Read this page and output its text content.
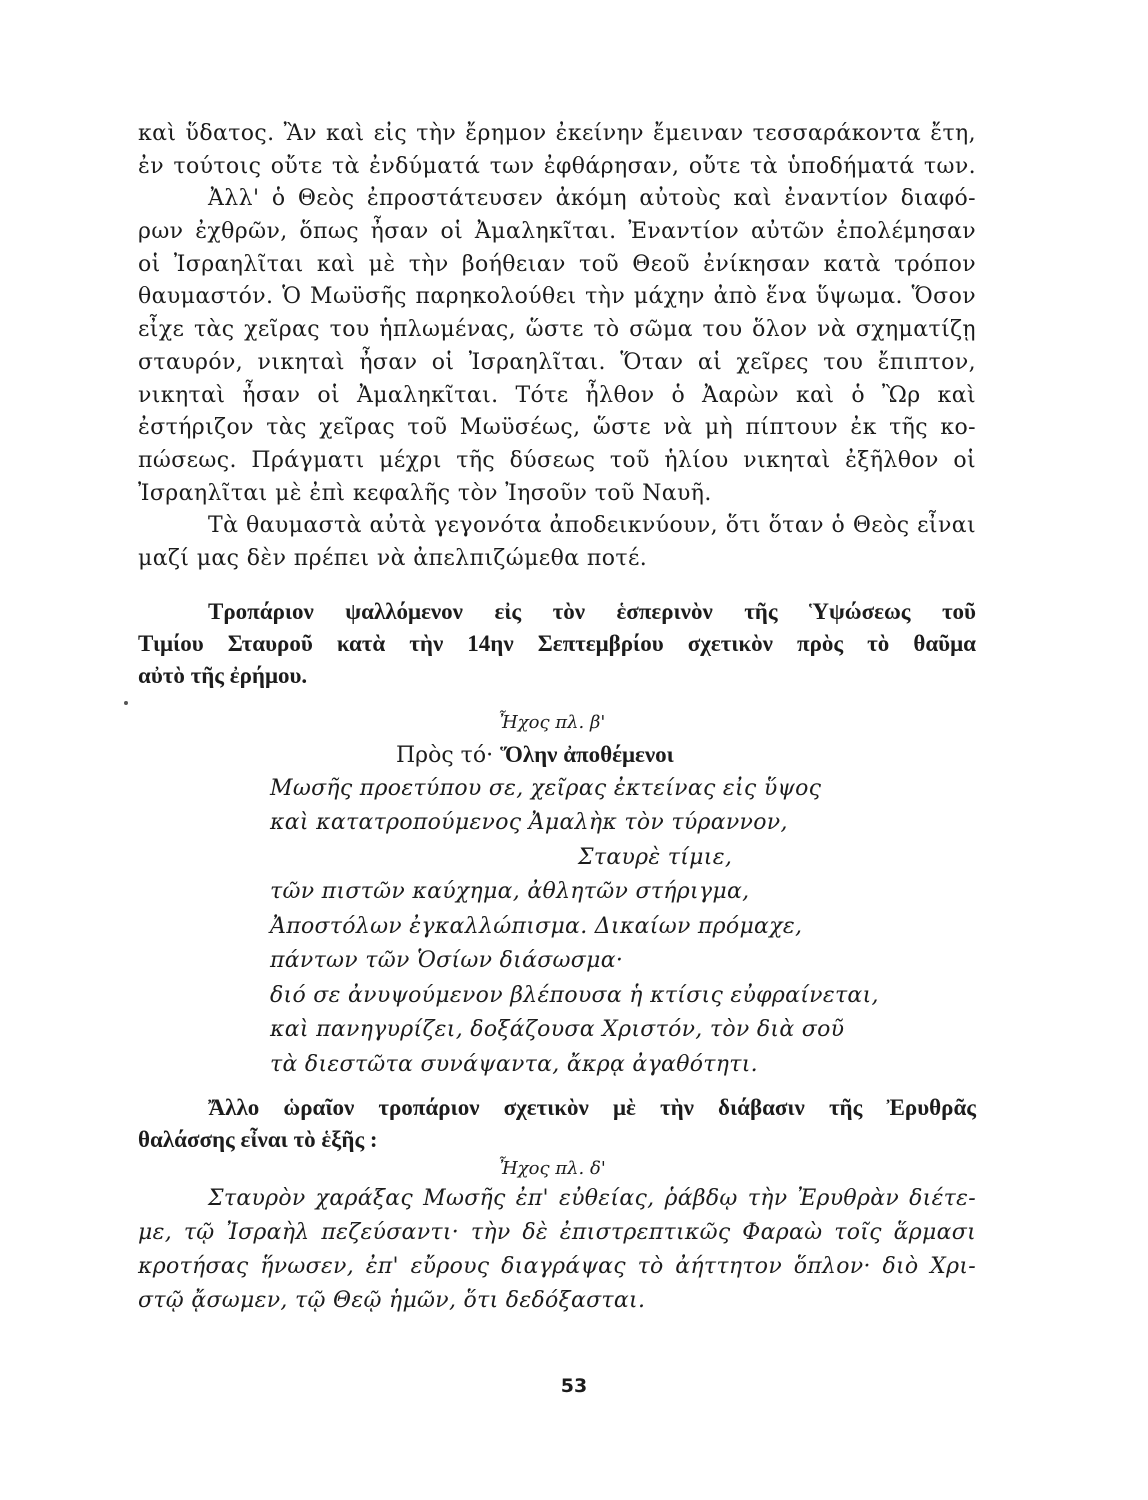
καὶ ὕδατος. Ἂν καὶ εἰς τὴν ἔρημον ἐκείνην ἔμειναν τεσσαράκοντα ἔτη,
ἐν τούτοις οὔτε τὰ ἐνδύματά των ἐφθάρησαν, οὔτε τὰ ὑποδήματά των.
Ἀλλ' ὁ Θεὸς ἐπροστάτευσεν ἀκόμη αὐτοὺς καὶ ἐναντίον διαφό-
ρων ἐχθρῶν, ὅπως ἦσαν οἱ Ἀμαληκῖται. Ἐναντίον αὐτῶν ἐπολέμησαν
οἱ Ἰσραηλῖται καὶ μὲ τὴν βοήθειαν τοῦ Θεοῦ ἐνίκησαν κατὰ τρόπον
θαυμαστόν. Ὁ Μωϋσῆς παρηκολούθει τὴν μάχην ἀπὸ ἕνα ὕψωμα. Ὅσον
εἶχε τὰς χεῖρας του ἡπλωμένας, ὥστε τὸ σῶμα του ὅλον νὰ σχηματίζῃ
σταυρόν, νικηταὶ ἦσαν οἱ Ἰσραηλῖται. Ὅταν αἱ χεῖρες του ἔπιπτον,
νικηταὶ ἦσαν οἱ Ἀμαληκῖται. Τότε ἦλθον ὁ Ἀαρὼν καὶ ὁ Ὢρ καὶ
ἐστήριζον τὰς χεῖρας τοῦ Μωϋσέως, ὥστε νὰ μὴ πίπτουν ἐκ τῆς κο-
πώσεως. Πράγματι μέχρι τῆς δύσεως τοῦ ἡλίου νικηταὶ ἐξῆλθον οἱ
Ἰσραηλῖται μὲ ἐπὶ κεφαλῆς τὸν Ἰησοῦν τοῦ Ναυῆ.
Τὰ θαυμαστὰ αὐτὰ γεγονότα ἀποδεικνύουν, ὅτι ὅταν ὁ Θεὸς εἶναι
μαζί μας δὲν πρέπει νὰ ἀπελπιζώμεθα ποτέ.
Τροπάριον ψαλλόμενον εἰς τὸν ἑσπερινὸν τῆς Ὑψώσεως τοῦ
Τιμίου Σταυροῦ κατὰ τὴν 14ην Σεπτεμβρίου σχετικὸν πρὸς τὸ θαῦμα
αὐτὸ τῆς ἐρήμου.
Ἦχος πλ. β'
Πρὸς τό· Ὅλην ἀποθέμενοι
Μωσῆς προετύπου σε, χεῖρας ἐκτείνας εἰς ὕψος
καὶ κατατροπούμενος Ἀμαλὴκ τὸν τύραννον,
Σταυρὲ τίμιε,
τῶν πιστῶν καύχημα, ἀθλητῶν στήριγμα,
Ἀποστόλων ἐγκαλλώπισμα. Δικαίων πρόμαχε,
πάντων τῶν Ὁσίων διάσωσμα·
διό σε ἀνυψούμενον βλέπουσα ἡ κτίσις εὐφραίνεται,
καὶ πανηγυρίζει, δοξάζουσα Χριστόν, τὸν διὰ σοῦ
τὰ διεστῶτα συνάψαντα, ἄκρᾳ ἀγαθότητι.
Ἄλλο ὡραῖον τροπάριον σχετικὸν μὲ τὴν διάβασιν τῆς Ἐρυθρᾶς
θαλάσσης εἶναι τὸ ἑξῆς :
Ἦχος πλ. δ'
Σταυρὸν χαράξας Μωσῆς ἐπ' εὐθείας, ῥάβδῳ τὴν Ἐρυθρὰν διέτε-
με, τῷ Ἰσραὴλ πεζεύσαντι· τὴν δὲ ἐπιστρεπτικῶς Φαραὼ τοῖς ἅρμασι
κροτήσας ἥνωσεν, ἐπ' εὔρους διαγράψας τὸ ἀήττητον ὅπλον· διὸ Χρι-
στῷ ᾄσωμεν, τῷ Θεῷ ἡμῶν, ὅτι δεδόξασται.
53
